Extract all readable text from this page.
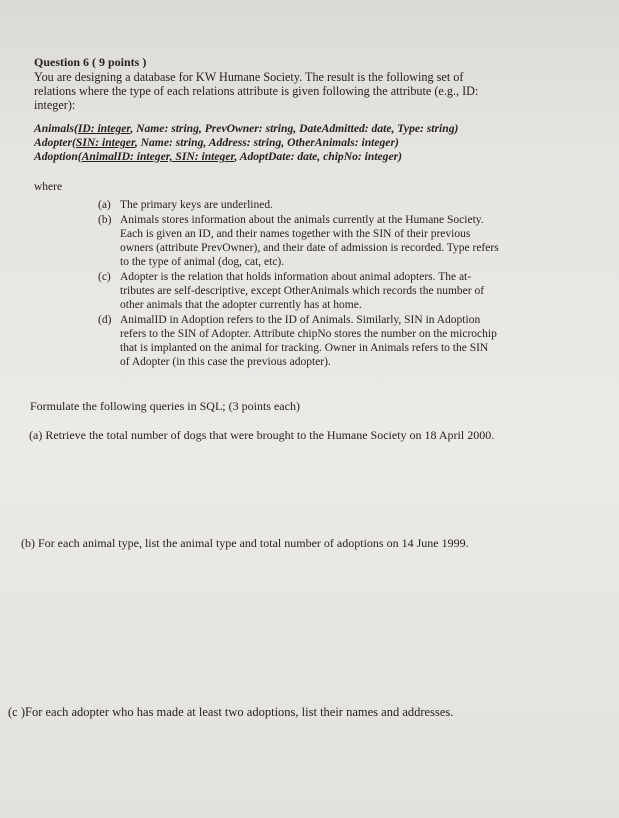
Question 6 ( 9 points )
You are designing a database for KW Humane Society. The result is the following set of
relations where the type of each relations attribute is given following the attribute (e.g., ID:
integer):
Animals(ID: integer, Name: string, PrevOwner: string, DateAdmitted: date, Type: string)
Adopter(SIN: integer, Name: string, Address: string, OtherAnimals: integer)
Adoption(AnimalID: integer, SIN: integer, AdoptDate: date, chipNo: integer)
where
(a) The primary keys are underlined.
(b) Animals stores information about the animals currently at the Humane Society.
Each is given an ID, and their names together with the SIN of their previous
owners (attribute PrevOwner), and their date of admission is recorded. Type refers
to the type of animal (dog, cat, etc).
(c) Adopter is the relation that holds information about animal adopters. The at-
tributes are self-descriptive, except OtherAnimals which records the number of
other animals that the adopter currently has at home.
(d) AnimalID in Adoption refers to the ID of Animals. Similarly, SIN in Adoption
refers to the SIN of Adopter. Attribute chipNo stores the number on the microchip
that is implanted on the animal for tracking. Owner in Animals refers to the SIN
of Adopter (in this case the previous adopter).
Formulate the following queries in SQL; (3 points each)
(a) Retrieve the total number of dogs that were brought to the Humane Society on 18 April 2000.
(b) For each animal type, list the animal type and total number of adoptions on 14 June 1999.
(c )For each adopter who has made at least two adoptions, list their names and addresses.
